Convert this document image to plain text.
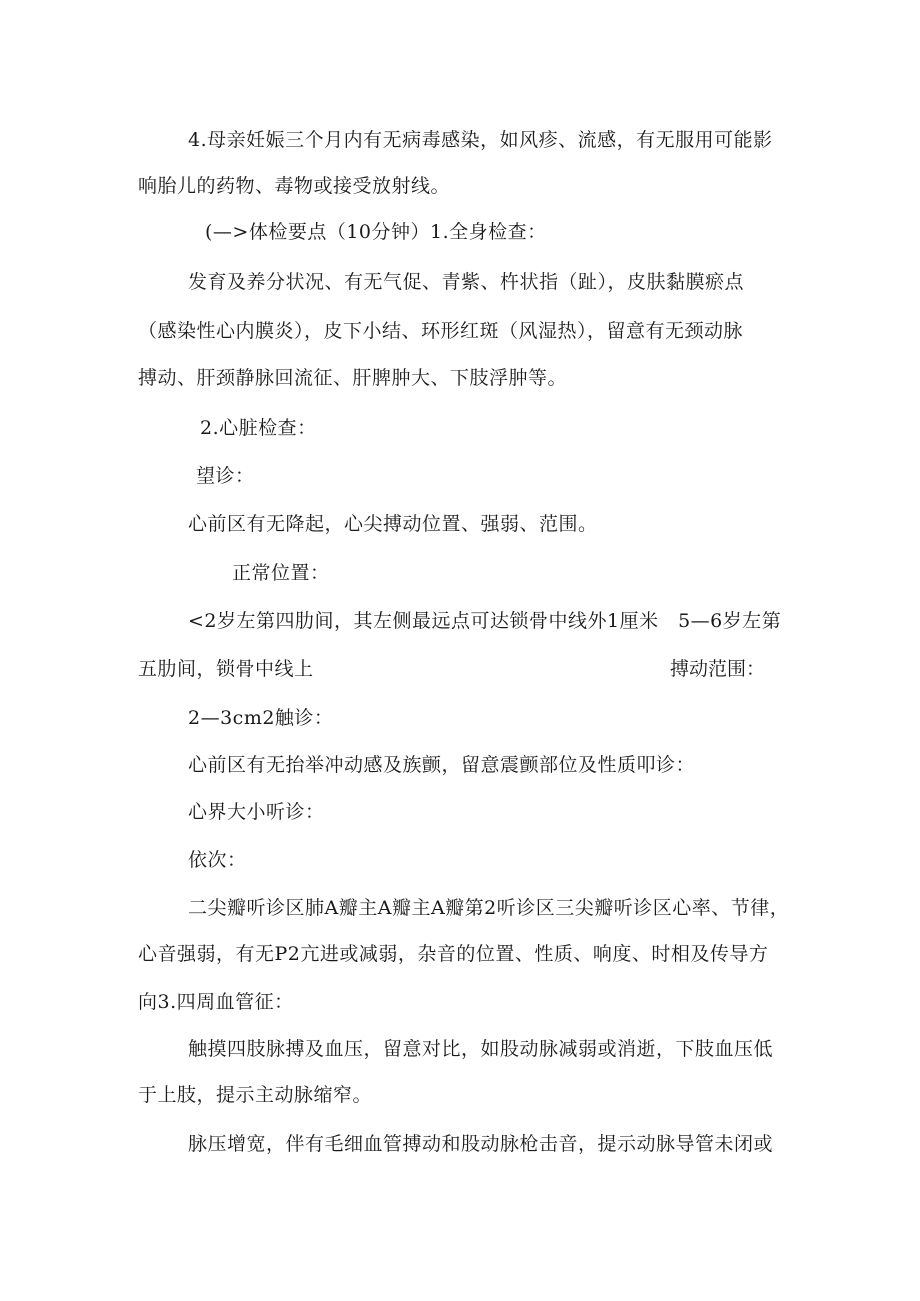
4.母亲妊娠三个月内有无病毒感染，如风疹、流感，有无服用可能影
响胎儿的药物、毒物或接受放射线。
(—>体检要点（10分钟）1.全身检查：
发育及养分状况、有无气促、青紫、杵状指（趾），皮肤黏膜瘀点
（感染性心内膜炎），皮下小结、环形红斑（风湿热），留意有无颈动脉
搏动、肝颈静脉回流征、肝脾肿大、下肢浮肿等。
2.心脏检查：
望诊：
心前区有无降起，心尖搏动位置、强弱、范围。
正常位置：
<2岁左第四肋间，其左侧最远点可达锁骨中线外1厘米　5—6岁左第
五肋间，锁骨中线上	搏动范围：
2—3cm2触诊：
心前区有无抬举冲动感及族颤，留意震颤部位及性质叩诊：
心界大小听诊：
依次：
二尖瓣听诊区肺A瓣主A瓣主A瓣第2听诊区三尖瓣听诊区心率、节律，
心音强弱，有无P2亢进或减弱，杂音的位置、性质、响度、时相及传导方
向3.四周血管征：
触摸四肢脉搏及血压，留意对比，如股动脉减弱或消逝，下肢血压低
于上肢，提示主动脉缩窄。
脉压增宽，伴有毛细血管搏动和股动脉枪击音，提示动脉导管未闭或
